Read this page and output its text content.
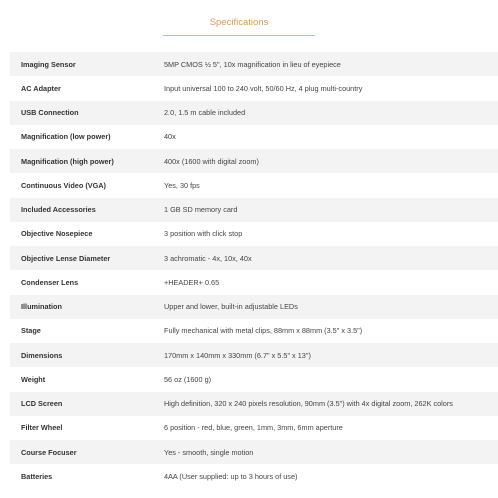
Specifications
Imaging Sensor	5MP CMOS ½ 5", 10x magnification in lieu of eyepiece
AC Adapter	Input universal 100 to 240 volt, 50/60 Hz, 4 plug multi-country
USB Connection	2.0, 1.5 m cable included
Magnification (low power)	40x
Magnification (high power)	400x (1600 with digital zoom)
Continuous Video (VGA)	Yes, 30 fps
Included Accessories	1 GB SD memory card
Objective Nosepiece	3 position with click stop
Objective Lense Diameter	3 achromatic - 4x, 10x, 40x
Condenser Lens	+HEADER+ 0.65
Illumination	Upper and lower, built-in adjustable LEDs
Stage	Fully mechanical with metal clips, 88mm x 88mm (3.5" x 3.5")
Dimensions	170mm x 140mm x 330mm (6.7" x 5.5" x 13")
Weight	56 oz (1600 g)
LCD Screen	High definition, 320 x 240 pixels resolution, 90mm (3.5") with 4x digital zoom, 262K colors
Filter Wheel	6 position - red, blue, green, 1mm, 3mm, 6mm aperture
Course Focuser	Yes - smooth, single motion
Batteries	4AA (User supplied: up to 3 hours of use)
